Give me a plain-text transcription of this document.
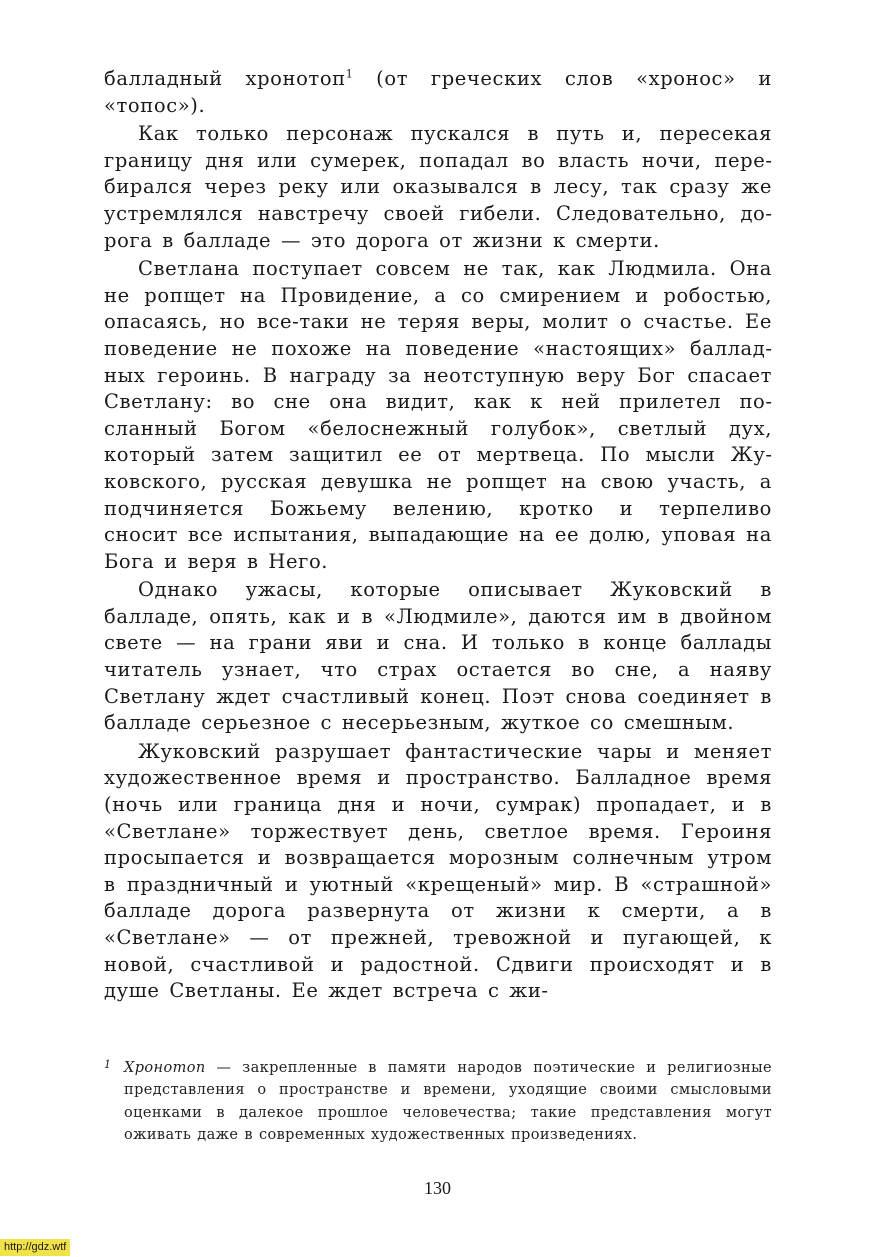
балладный хронотоп$^1$ (от греческих слов «хронос» и «топос»).

Как только персонаж пускался в путь и, пересекая границу дня или сумерек, попадал во власть ночи, перебирался через реку или оказывался в лесу, так сразу же устремлялся навстречу своей гибели. Следовательно, дорога в балладе — это дорога от жизни к смерти.

Светлана поступает совсем не так, как Людмила. Она не ропщет на Провидение, а со смирением и робостью, опасаясь, но все-таки не теряя веры, молит о счастье. Ее поведение не похоже на поведение «настоящих» балладных героинь. В награду за неотступную веру Бог спасает Светлану: во сне она видит, как к ней прилетел посланный Богом «белоснежный голубок», светлый дух, который затем защитил ее от мертвеца. По мысли Жуковского, русская девушка не ропщет на свою участь, а подчиняется Божьему велению, кротко и терпеливо сносит все испытания, выпадающие на ее долю, уповая на Бога и веря в Него.

Однако ужасы, которые описывает Жуковский в балладе, опять, как и в «Людмиле», даются им в двойном свете — на грани яви и сна. И только в конце баллады читатель узнает, что страх остается во сне, а наяву Светлану ждет счастливый конец. Поэт снова соединяет в балладе серьезное с несерьезным, жуткое со смешным.

Жуковский разрушает фантастические чары и меняет художественное время и пространство. Балладное время (ночь или граница дня и ночи, сумрак) пропадает, и в «Светлане» торжествует день, светлое время. Героиня просыпается и возвращается морозным солнечным утром в праздничный и уютный «крещеный» мир. В «страшной» балладе дорога развернута от жизни к смерти, а в «Светлане» — от прежней, тревожной и пугающей, к новой, счастливой и радостной. Сдвиги происходят и в душе Светланы. Ее ждет встреча с жи-

1 Хронотоп — закрепленные в памяти народов поэтические и религиозные представления о пространстве и времени, уходящие своими смысловыми оценками в далекое прошлое человечества; такие представления могут оживать даже в современных художественных произведениях.

130
http://gdz.wtf
